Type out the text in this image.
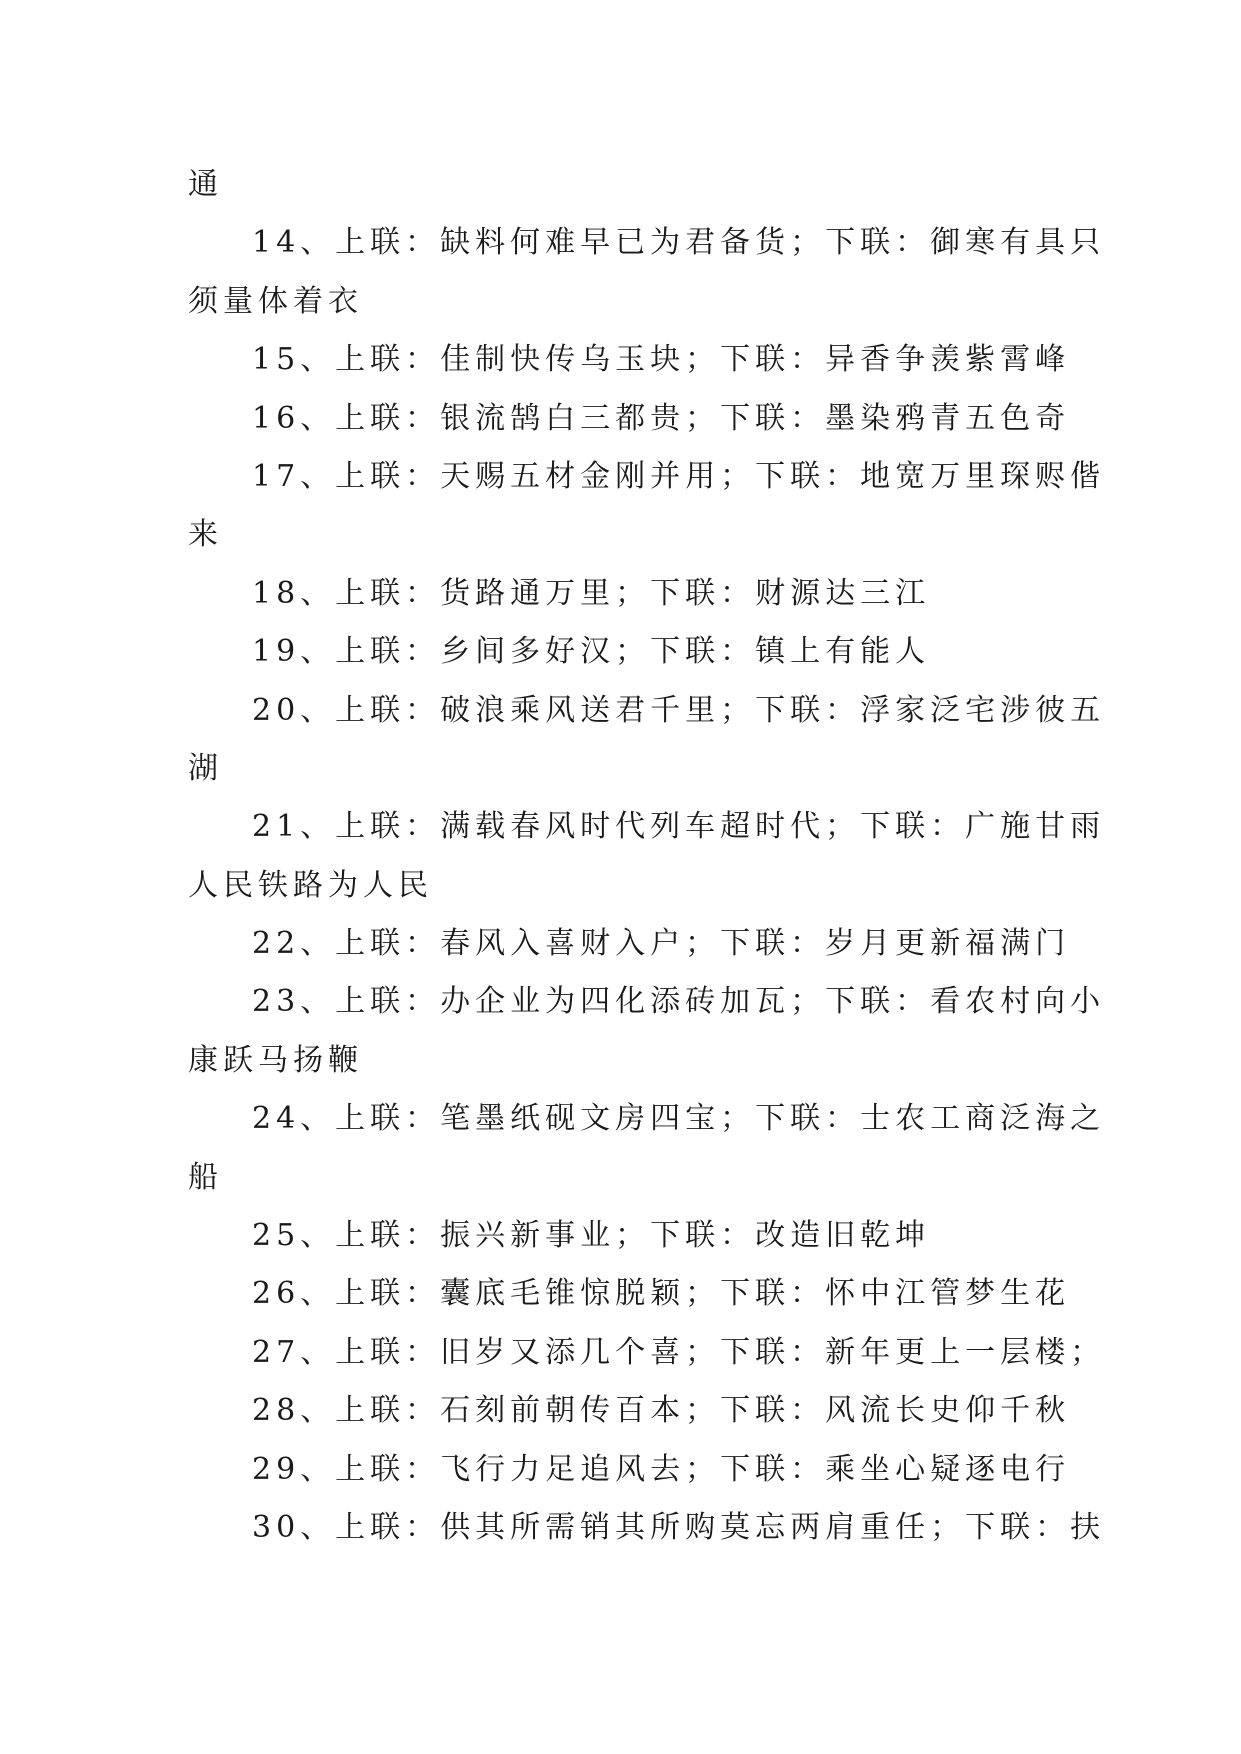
通
14、上联：缺料何难早已为君备货；下联：御寒有具只
须量体着衣
15、上联：佳制快传乌玉块；下联：异香争羡紫霄峰
16、上联：银流鹄白三都贵；下联：墨染鸦青五色奇
17、上联：天赐五材金刚并用；下联：地宽万里琛赆偕
来
18、上联：货路通万里；下联：财源达三江
19、上联：乡间多好汉；下联：镇上有能人
20、上联：破浪乘风送君千里；下联：浮家泛宅涉彼五
湖
21、上联：满载春风时代列车超时代；下联：广施甘雨
人民铁路为人民
22、上联：春风入喜财入户；下联：岁月更新福满门
23、上联：办企业为四化添砖加瓦；下联：看农村向小
康跃马扬鞭
24、上联：笔墨纸砚文房四宝；下联：士农工商泛海之
船
25、上联：振兴新事业；下联：改造旧乾坤
26、上联：囊底毛锥惊脱颖；下联：怀中江管梦生花
27、上联：旧岁又添几个喜；下联：新年更上一层楼；
28、上联：石刻前朝传百本；下联：风流长史仰千秋
29、上联：飞行力足追风去；下联：乘坐心疑逐电行
30、上联：供其所需销其所购莫忘两肩重任；下联：扶
